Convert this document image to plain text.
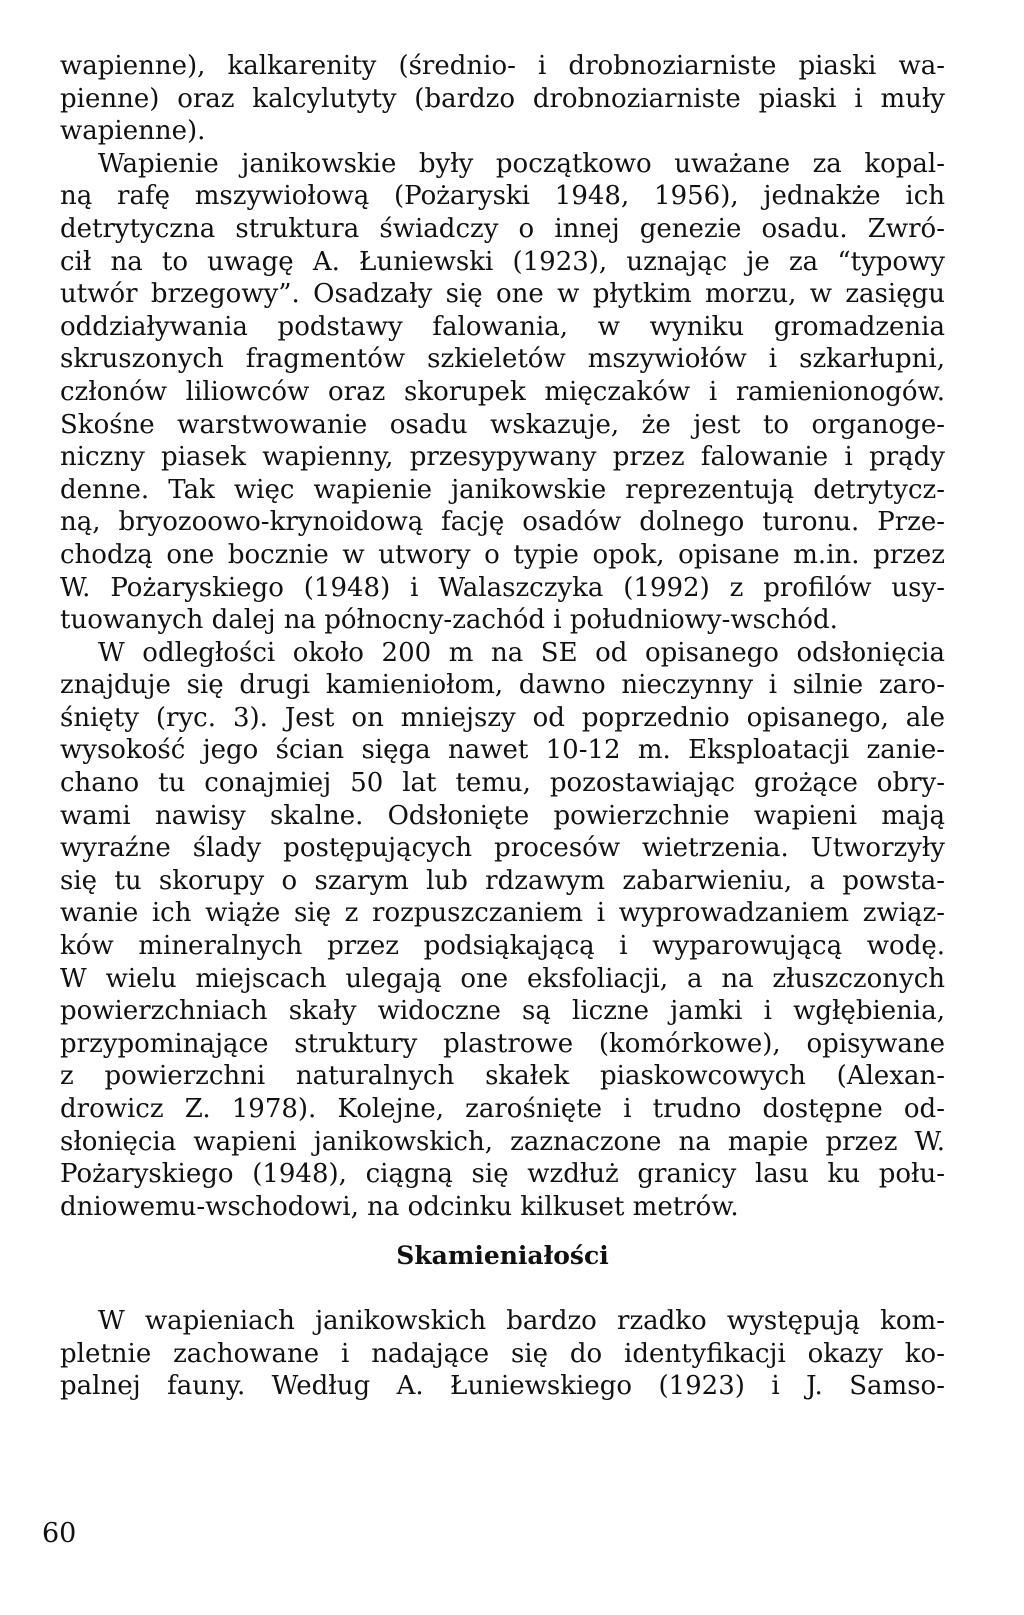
wapienne), kalkarenity (średnio- i drobnoziarniste piaski wa-
pienne) oraz kalcylutyty (bardzo drobnoziarniste piaski i muły
wapienne).
Wapienie janikowskie były początkowo uważane za kopal-
ną rafę mszywiołową (Pożaryski 1948, 1956), jednakże ich
detrytyczna struktura świadczy o innej genezie osadu. Zwró-
cił na to uwagę A. Łuniewski (1923), uznając je za “typowy
utwór brzegowy”. Osadzały się one w płytkim morzu, w zasięgu
oddziaływania podstawy falowania, w wyniku gromadzenia
skruszonych fragmentów szkieletów mszywiołów i szkarłupni,
członów liliowców oraz skorupek mięczaków i ramienionogów.
Skośne warstwowanie osadu wskazuje, że jest to organoge-
niczny piasek wapienny, przesypywany przez falowanie i prądy
denne. Tak więc wapienie janikowskie reprezentują detrytycz-
ną, bryozoowo-krynoidową fację osadów dolnego turonu. Prze-
chodzą one bocznie w utwory o typie opok, opisane m.in. przez
W. Pożaryskiego (1948) i Walaszczyka (1992) z profilów usy-
tuowanych dalej na północny-zachód i południowy-wschód.
W odległości około 200 m na SE od opisanego odsłonięcia
znajduje się drugi kamieniołom, dawno nieczynny i silnie zaro-
śnięty (ryc. 3). Jest on mniejszy od poprzednio opisanego, ale
wysokość jego ścian sięga nawet 10-12 m. Eksploatacji zanie-
chano tu conajmiej 50 lat temu, pozostawiając grożące obry-
wami nawisy skalne. Odsłonięte powierzchnie wapieni mają
wyraźne ślady postępujących procesów wietrzenia. Utworzyły
się tu skorupy o szarym lub rdzawym zabarwieniu, a powsta-
wanie ich wiąże się z rozpuszczaniem i wyprowadzaniem związ-
ków mineralnych przez podsiąkającą i wyparowującą wodę.
W wielu miejscach ulegają one eksfoliacji, a na złuszczonych
powierzchniach skały widoczne są liczne jamki i wgłębienia,
przypominające struktury plastrowe (komórkowe), opisywane
z powierzchni naturalnych skałek piaskowcowych (Alexan-
drowicz Z. 1978). Kolejne, zarośnięte i trudno dostępne od-
słonięcia wapieni janikowskich, zaznaczone na mapie przez W.
Pożaryskiego (1948), ciągną się wzdłuż granicy lasu ku połu-
dniowemu-wschodowi, na odcinku kilkuset metrów.
Skamieniałości
W wapieniach janikowskich bardzo rzadko występują kom-
pletnie zachowane i nadające się do identyfikacji okazy ko-
palnej fauny. Według A. Łuniewskiego (1923) i J. Samso-
60
